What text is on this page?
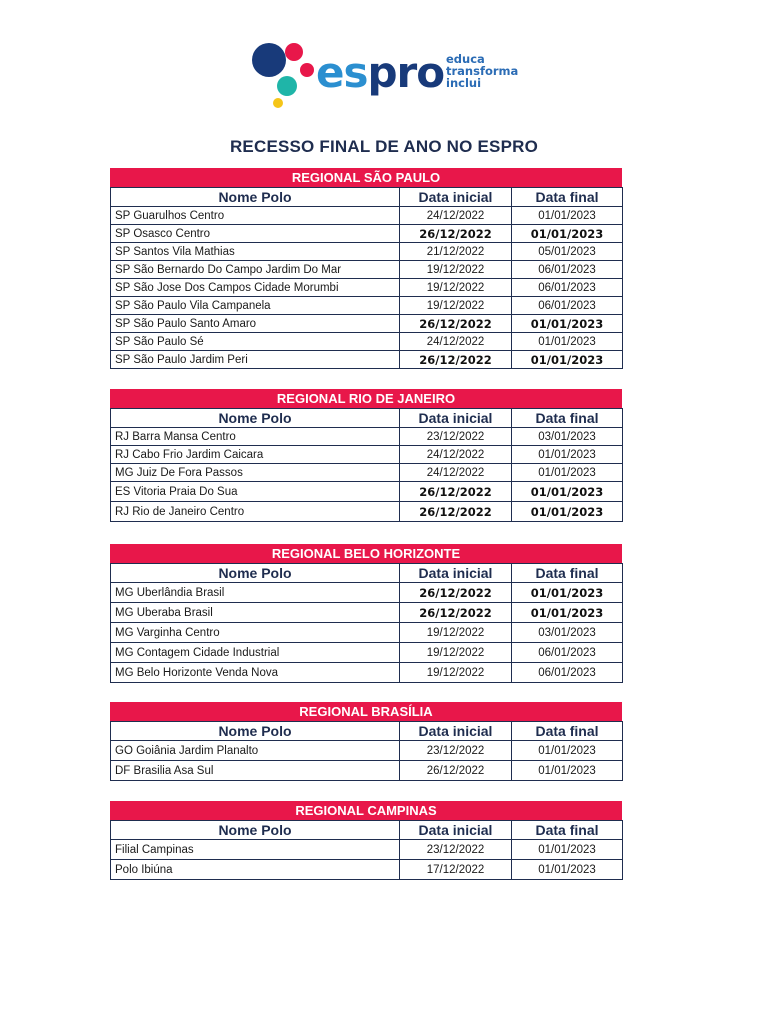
espro educa
transforma
inclui
RECESSO FINAL DE ANO NO ESPRO
REGIONAL SÃO PAULO
Nome Polo	Data inicial	Data final
SP Guarulhos Centro	24/12/2022	01/01/2023
SP Osasco Centro	26/12/2022	01/01/2023
SP Santos Vila Mathias	21/12/2022	05/01/2023
SP São Bernardo Do Campo Jardim Do Mar	19/12/2022	06/01/2023
SP São Jose Dos Campos Cidade Morumbi	19/12/2022	06/01/2023
SP São Paulo Vila Campanela	19/12/2022	06/01/2023
SP São Paulo Santo Amaro	26/12/2022	01/01/2023
SP São Paulo Sé	24/12/2022	01/01/2023
SP São Paulo Jardim Peri	26/12/2022	01/01/2023
REGIONAL RIO DE JANEIRO
Nome Polo	Data inicial	Data final
RJ Barra Mansa Centro	23/12/2022	03/01/2023
RJ Cabo Frio Jardim Caicara	24/12/2022	01/01/2023
MG Juiz De Fora Passos	24/12/2022	01/01/2023
ES Vitoria Praia Do Sua	26/12/2022	01/01/2023
RJ Rio de Janeiro Centro	26/12/2022	01/01/2023
REGIONAL BELO HORIZONTE
Nome Polo	Data inicial	Data final
MG Uberlândia Brasil	26/12/2022	01/01/2023
MG Uberaba Brasil	26/12/2022	01/01/2023
MG Varginha Centro	19/12/2022	03/01/2023
MG Contagem Cidade Industrial	19/12/2022	06/01/2023
MG Belo Horizonte Venda Nova	19/12/2022	06/01/2023
REGIONAL BRASÍLIA
Nome Polo	Data inicial	Data final
GO Goiânia Jardim Planalto	23/12/2022	01/01/2023
DF Brasilia Asa Sul	26/12/2022	01/01/2023
REGIONAL CAMPINAS
Nome Polo	Data inicial	Data final
Filial Campinas	23/12/2022	01/01/2023
Polo Ibiúna	17/12/2022	01/01/2023
